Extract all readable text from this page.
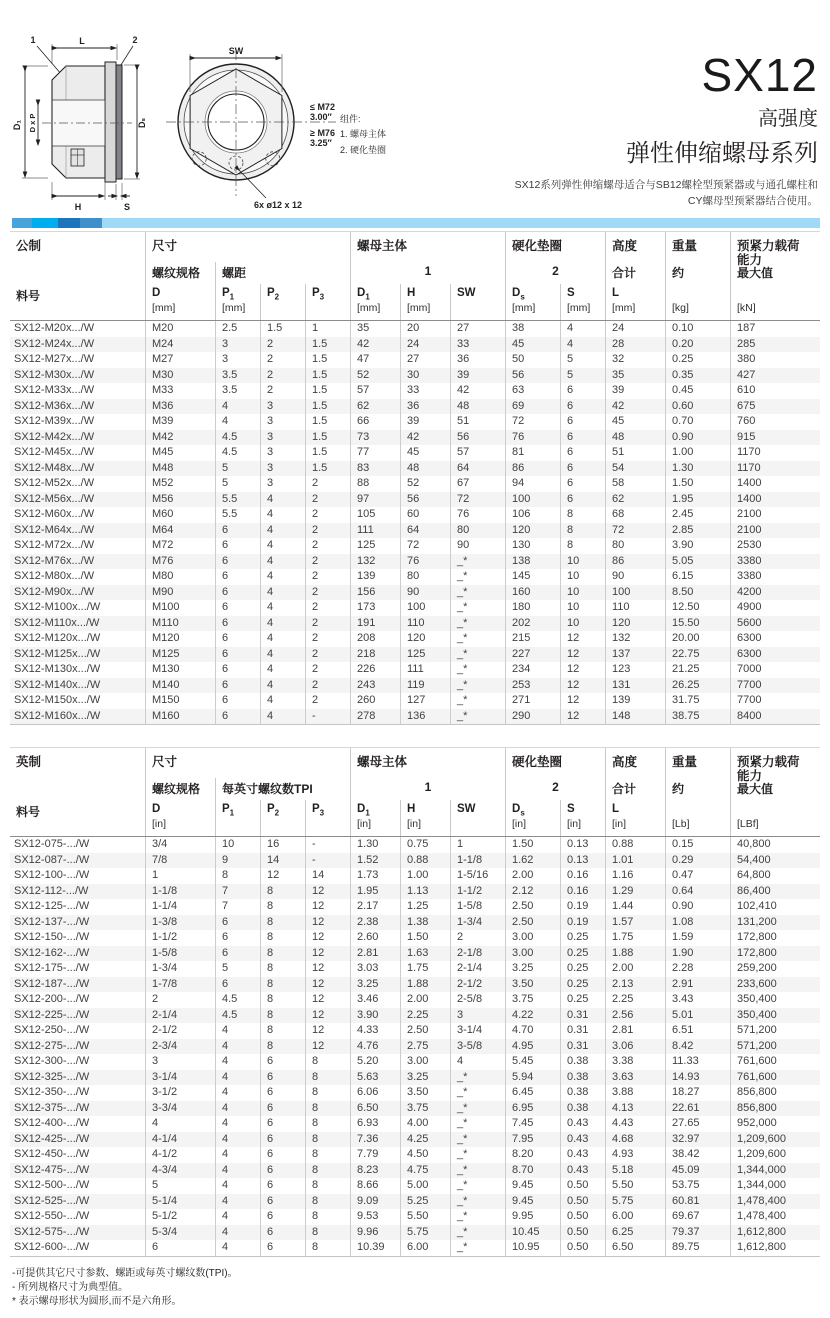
L
1	2
D₁ D x P	Dₛ
H	S
SW
≤ M72
3.00″
≥ M76
3.25″
6x ø12 x 12
组件:
1. 螺母主体
2. 硬化垫圈
SX12
高强度
弹性伸缩螺母系列
SX12系列弹性伸缩螺母适合与SB12螺栓型预紧器或与通孔螺柱和
CY螺母型预紧器结合使用。
公制	尺寸	螺母主体	硬化垫圈	高度	重量	预紧力载荷能力
螺纹规格	螺距	1	2	合计	约	最大值
料号	D
[mm]
$P_1$
[mm]
$P_2$	$P_3$	$D_1$
[mm]
H
[mm]
SW	$D_s$
[mm]
S
[mm]
L
[mm]	[kg]	[kN]
SX12-M20x.../W	M20	2.5	1.5	1	35	20	27	38	4	24	0.10	187
SX12-M24x.../W	M24	3	2	1.5	42	24	33	45	4	28	0.20	285
SX12-M27x.../W	M27	3	2	1.5	47	27	36	50	5	32	0.25	380
SX12-M30x.../W	M30	3.5	2	1.5	52	30	39	56	5	35	0.35	427
SX12-M33x.../W	M33	3.5	2	1.5	57	33	42	63	6	39	0.45	610
SX12-M36x.../W	M36	4	3	1.5	62	36	48	69	6	42	0.60	675
SX12-M39x.../W	M39	4	3	1.5	66	39	51	72	6	45	0.70	760
SX12-M42x.../W	M42	4.5	3	1.5	73	42	56	76	6	48	0.90	915
SX12-M45x.../W	M45	4.5	3	1.5	77	45	57	81	6	51	1.00	1170
SX12-M48x.../W	M48	5	3	1.5	83	48	64	86	6	54	1.30	1170
SX12-M52x.../W	M52	5	3	2	88	52	67	94	6	58	1.50	1400
SX12-M56x.../W	M56	5.5	4	2	97	56	72	100	6	62	1.95	1400
SX12-M60x.../W	M60	5.5	4	2	105	60	76	106	8	68	2.45	2100
SX12-M64x.../W	M64	6	4	2	111	64	80	120	8	72	2.85	2100
SX12-M72x.../W	M72	6	4	2	125	72	90	130	8	80	3.90	2530
SX12-M76x.../W	M76	6	4	2	132	76	_*	138	10	86	5.05	3380
SX12-M80x.../W	M80	6	4	2	139	80	_*	145	10	90	6.15	3380
SX12-M90x.../W	M90	6	4	2	156	90	_*	160	10	100	8.50	4200
SX12-M100x.../W	M100	6	4	2	173	100	_*	180	10	110	12.50	4900
SX12-M110x.../W	M110	6	4	2	191	110	_*	202	10	120	15.50	5600
SX12-M120x.../W	M120	6	4	2	208	120	_*	215	12	132	20.00	6300
SX12-M125x.../W	M125	6	4	2	218	125	_*	227	12	137	22.75	6300
SX12-M130x.../W	M130	6	4	2	226	111	_*	234	12	123	21.25	7000
SX12-M140x.../W	M140	6	4	2	243	119	_*	253	12	131	26.25	7700
SX12-M150x.../W	M150	6	4	2	260	127	_*	271	12	139	31.75	7700
SX12-M160x.../W	M160	6	4	-	278	136	_*	290	12	148	38.75	8400
英制	尺寸	螺母主体	硬化垫圈	高度	重量	预紧力载荷能力
螺纹规格	每英寸螺纹数TPI	1	2	合计	约	最大值
料号	D
[in]
$P_1$	$P_2$	$P_3$	$D_1$
[in]
H
[in]
SW	$D_s$
[in]
S
[in]
L
[in]	[Lb]	[LBf]
SX12-075-.../W	3/4	10	16	-	1.30	0.75	1	1.50	0.13	0.88	0.15	40,800
SX12-087-.../W	7/8	9	14	-	1.52	0.88	1-1/8	1.62	0.13	1.01	0.29	54,400
SX12-100-.../W	1	8	12	14	1.73	1.00	1-5/16	2.00	0.16	1.16	0.47	64,800
SX12-112-.../W	1-1/8	7	8	12	1.95	1.13	1-1/2	2.12	0.16	1.29	0.64	86,400
SX12-125-.../W	1-1/4	7	8	12	2.17	1.25	1-5/8	2.50	0.19	1.44	0.90	102,410
SX12-137-.../W	1-3/8	6	8	12	2.38	1.38	1-3/4	2.50	0.19	1.57	1.08	131,200
SX12-150-.../W	1-1/2	6	8	12	2.60	1.50	2	3.00	0.25	1.75	1.59	172,800
SX12-162-.../W	1-5/8	6	8	12	2.81	1.63	2-1/8	3.00	0.25	1.88	1.90	172,800
SX12-175-.../W	1-3/4	5	8	12	3.03	1.75	2-1/4	3.25	0.25	2.00	2.28	259,200
SX12-187-.../W	1-7/8	6	8	12	3.25	1.88	2-1/2	3.50	0.25	2.13	2.91	233,600
SX12-200-.../W	2	4.5	8	12	3.46	2.00	2-5/8	3.75	0.25	2.25	3.43	350,400
SX12-225-.../W	2-1/4	4.5	8	12	3.90	2.25	3	4.22	0.31	2.56	5.01	350,400
SX12-250-.../W	2-1/2	4	8	12	4.33	2.50	3-1/4	4.70	0.31	2.81	6.51	571,200
SX12-275-.../W	2-3/4	4	8	12	4.76	2.75	3-5/8	4.95	0.31	3.06	8.42	571,200
SX12-300-.../W	3	4	6	8	5.20	3.00	4	5.45	0.38	3.38	11.33	761,600
SX12-325-.../W	3-1/4	4	6	8	5.63	3.25	_*	5.94	0.38	3.63	14.93	761,600
SX12-350-.../W	3-1/2	4	6	8	6.06	3.50	_*	6.45	0.38	3.88	18.27	856,800
SX12-375-.../W	3-3/4	4	6	8	6.50	3.75	_*	6.95	0.38	4.13	22.61	856,800
SX12-400-.../W	4	4	6	8	6.93	4.00	_*	7.45	0.43	4.43	27.65	952,000
SX12-425-.../W	4-1/4	4	6	8	7.36	4.25	_*	7.95	0.43	4.68	32.97	1,209,600
SX12-450-.../W	4-1/2	4	6	8	7.79	4.50	_*	8.20	0.43	4.93	38.42	1,209,600
SX12-475-.../W	4-3/4	4	6	8	8.23	4.75	_*	8.70	0.43	5.18	45.09	1,344,000
SX12-500-.../W	5	4	6	8	8.66	5.00	_*	9.45	0.50	5.50	53.75	1,344,000
SX12-525-.../W	5-1/4	4	6	8	9.09	5.25	_*	9.45	0.50	5.75	60.81	1,478,400
SX12-550-.../W	5-1/2	4	6	8	9.53	5.50	_*	9.95	0.50	6.00	69.67	1,478,400
SX12-575-.../W	5-3/4	4	6	8	9.96	5.75	_*	10.45	0.50	6.25	79.37	1,612,800
SX12-600-.../W	6	4	6	8	10.39	6.00	_*	10.95	0.50	6.50	89.75	1,612,800
-可提供其它尺寸参数、螺距或每英寸螺纹数(TPI)。
- 所列规格尺寸为典型值。
* 表示螺母形状为圆形,而不是六角形。
